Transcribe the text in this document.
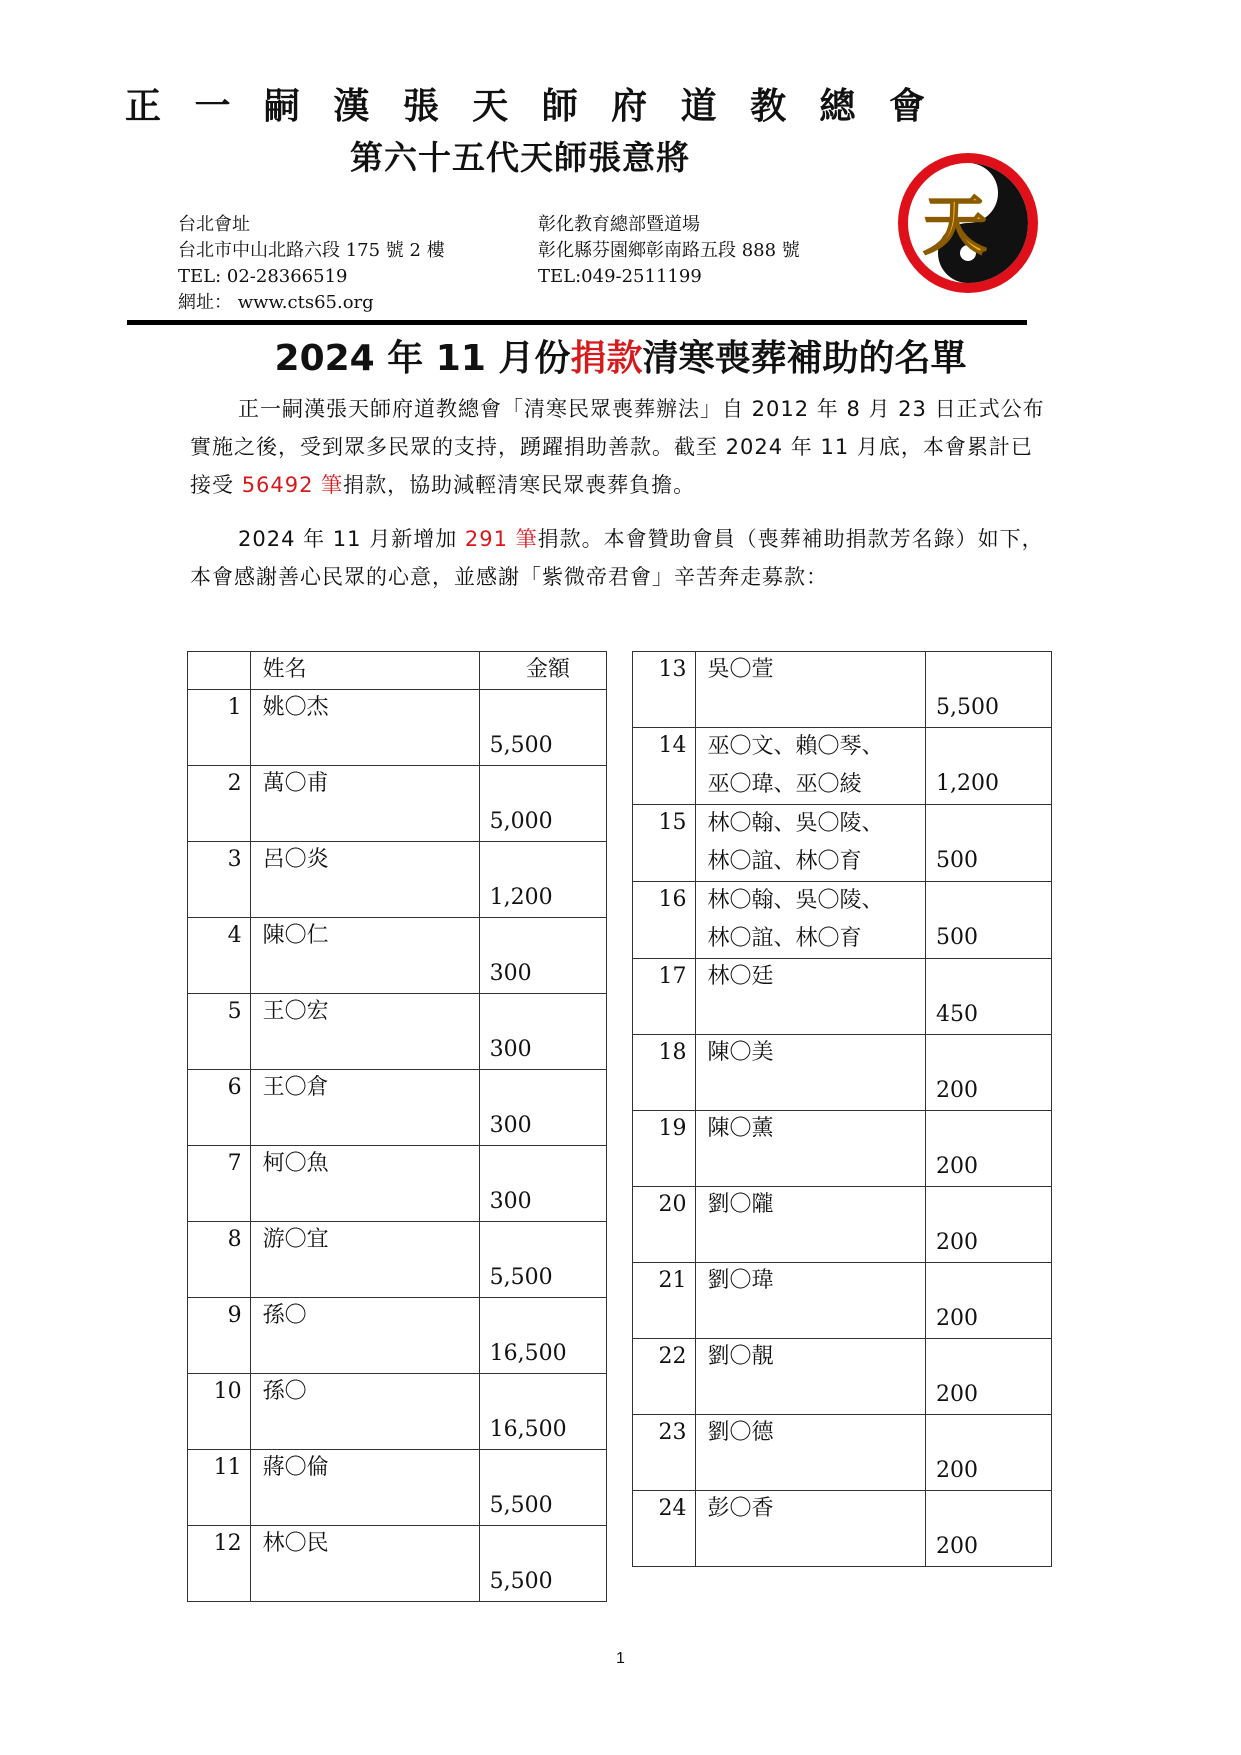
正 一 嗣 漢 張 天 師 府 道 教 總 會
第六十五代天師張意將
天
台北會址
台北市中山北路六段 175 號 2 樓
TEL: 02-28366519
網址： www.cts65.org
彰化教育總部暨道場
彰化縣芬園鄉彰南路五段 888 號
TEL:049-2511199
2024 年 11 月份捐款清寒喪葬補助的名單

正一嗣漢張天師府道教總會「清寒民眾喪葬辦法」自 2012 年 8 月 23 日正式公布實施之後，受到眾多民眾的支持，踴躍捐助善款。截至 2024 年 11 月底，本會累計已接受 56492 筆捐款，協助減輕清寒民眾喪葬負擔。

2024 年 11 月新增加 291 筆捐款。本會贊助會員（喪葬補助捐款芳名錄）如下，本會感謝善心民眾的心意，並感謝「紫微帝君會」辛苦奔走募款：

	姓名	金額

1	姚〇杰	5,500

2	萬〇甫	5,000

3	呂〇炎	1,200

4	陳〇仁	300

5	王〇宏	300

6	王〇倉	300

7	柯〇魚	300

8	游〇宜	5,500

9	孫〇	16,500

10	孫〇	16,500

11	蔣〇倫	5,500

12	林〇民	5,500
13	吳〇萱	5,500

14	巫〇文、賴〇琴、
巫〇瑋、巫〇綾	1,200

15	林〇翰、吳〇陵、
林〇誼、林〇育	500

16	林〇翰、吳〇陵、
林〇誼、林〇育	500

17	林〇廷	450

18	陳〇美	200

19	陳〇薰	200

20	劉〇隴	200

21	劉〇瑋	200

22	劉〇靚	200

23	劉〇德	200

24	彭〇香	200
1
